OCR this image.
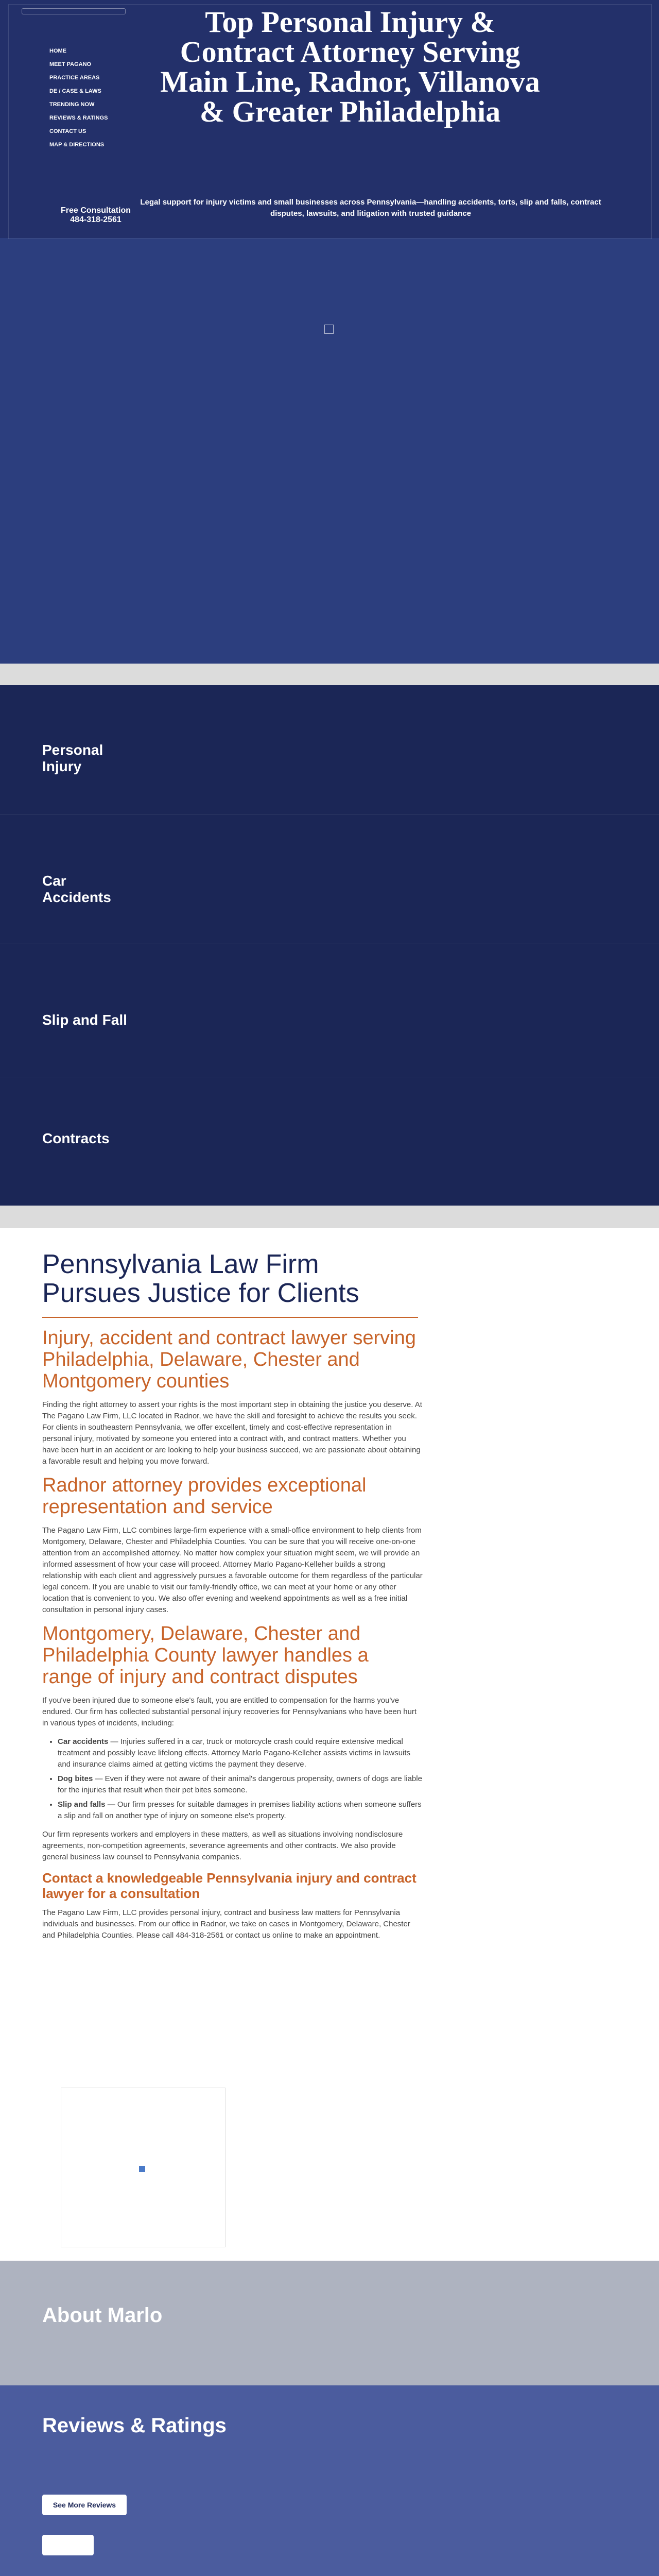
HOME
MEET PAGANO
PRACTICE AREAS
DE / CASE & LAWS
TRENDING NOW
REVIEWS & RATINGS
CONTACT US
MAP & DIRECTIONS
Free Consultation
484-318-2561
Top Personal Injury & Contract Attorney Serving Main Line, Radnor, Villanova & Greater Philadelphia
Legal support for injury victims and small businesses across Pennsylvania—handling accidents, torts, slip and falls, contract disputes, lawsuits, and litigation with trusted guidance
Personal Injury
Car Accidents
Slip and Fall
Contracts
Pennsylvania Law Firm Pursues Justice for Clients
Injury, accident and contract lawyer serving Philadelphia, Delaware, Chester and Montgomery counties

Finding the right attorney to assert your rights is the most important step in obtaining the justice you deserve. At The Pagano Law Firm, LLC located in Radnor, we have the skill and foresight to achieve the results you seek. For clients in southeastern Pennsylvania, we offer excellent, timely and cost-effective representation in personal injury, motivated by someone you entered into a contract with, and contract matters. Whether you have been hurt in an accident or are looking to help your business succeed, we are passionate about obtaining a favorable result and helping you move forward.

Radnor attorney provides exceptional representation and service

The Pagano Law Firm, LLC combines large-firm experience with a small-office environment to help clients from Montgomery, Delaware, Chester and Philadelphia Counties. You can be sure that you will receive one-on-one attention from an accomplished attorney. No matter how complex your situation might seem, we will provide an informed assessment of how your case will proceed. Attorney Marlo Pagano-Kelleher builds a strong relationship with each client and aggressively pursues a favorable outcome for them regardless of the particular legal concern. If you are unable to visit our family-friendly office, we can meet at your home or any other location that is convenient to you. We also offer evening and weekend appointments as well as a free initial consultation in personal injury cases.

Montgomery, Delaware, Chester and Philadelphia County lawyer handles a range of injury and contract disputes

If you've been injured due to someone else's fault, you are entitled to compensation for the harms you've endured. Our firm has collected substantial personal injury recoveries for Pennsylvanians who have been hurt in various types of incidents, including:

• Car accidents — Injuries suffered in a car, truck or motorcycle crash could require extensive medical treatment and possibly leave lifelong effects. Attorney Marlo Pagano-Kelleher assists victims in lawsuits and insurance claims aimed at getting victims the payment they deserve.
• Dog bites — Even if they were not aware of their animal's dangerous propensity, owners of dogs are liable for the injuries that result when their pet bites someone.
• Slip and falls — Our firm presses for suitable damages in premises liability actions when someone suffers a slip and fall on another type of injury on someone else's property.

Our firm represents workers and employers in these matters, as well as situations involving nondisclosure agreements, non-competition agreements, severance agreements and other contracts. We also provide general business law counsel to Pennsylvania companies.

Contact a knowledgeable Pennsylvania injury and contract lawyer for a consultation

The Pagano Law Firm, LLC provides personal injury, contract and business law matters for Pennsylvania individuals and businesses. From our office in Radnor, we take on cases in Montgomery, Delaware, Chester and Philadelphia Counties. Please call 484-318-2561 or contact us online to make an appointment.

About Marlo
Reviews & Ratings
See More Reviews
